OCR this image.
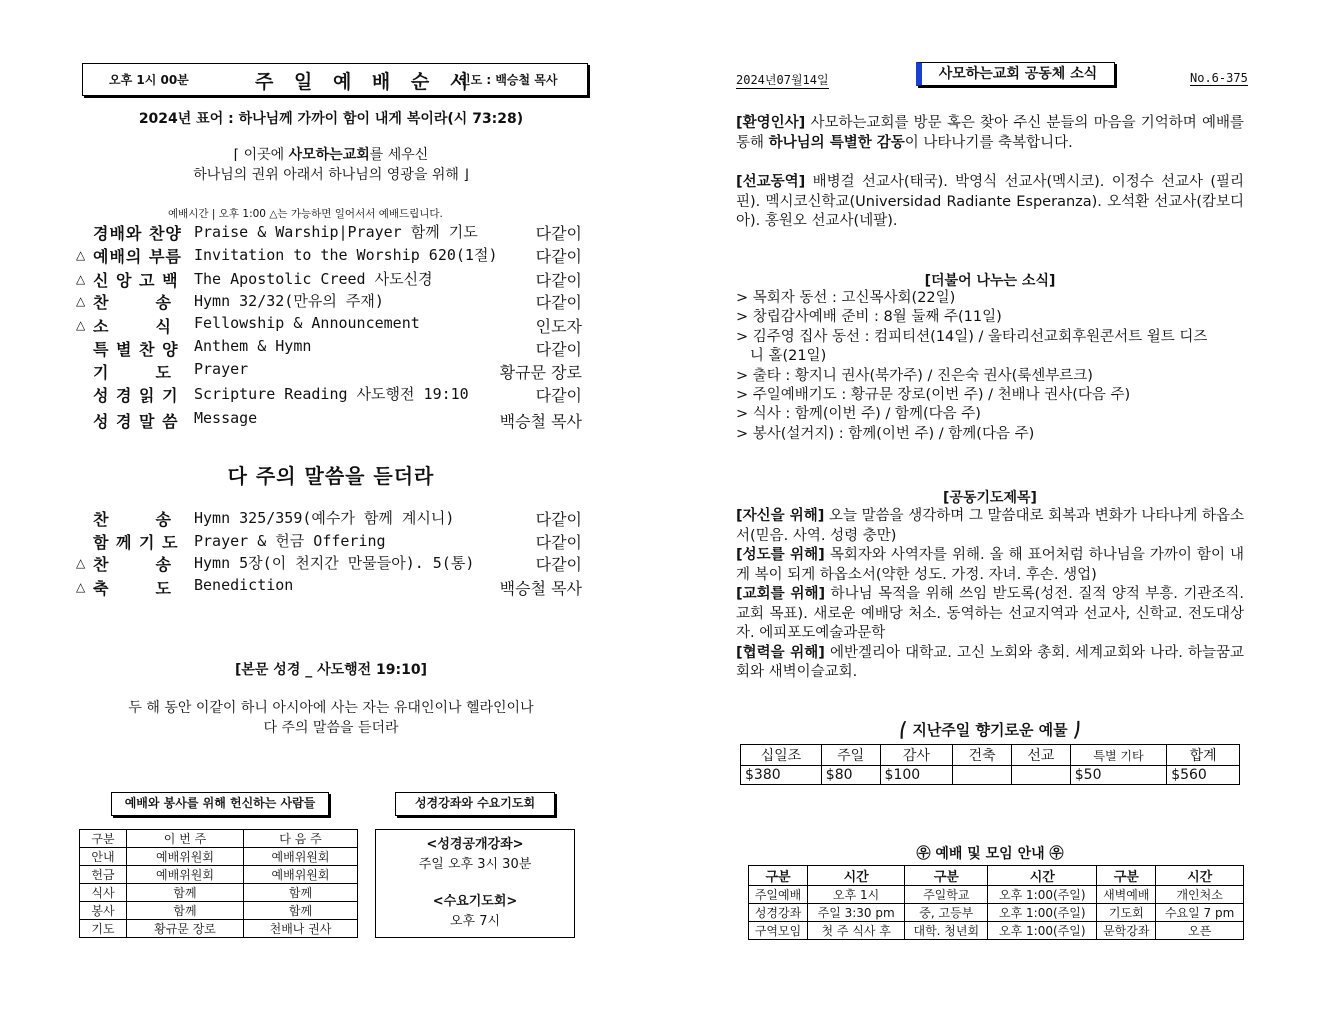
오후 1시 00분	주 일 예 배 순 서
인도 : 백승철 목사
2024년 표어 : 하나님께 가까이 함이 내게 복이라(시 73:28)
⌈ 이곳에 사모하는교회를 세우신
하나님의 권위 아래서 하나님의 영광을 위해 ⌋
예배시간 | 오후 1:00 △는 가능하면 일어서서 예배드립니다.
경배와 찬양 Praise & Warship|Prayer 함께 기도	다같이
△ 예배의 부름 Invitation to the Worship 620(1절) 다같이
△ 신 앙 고 백	The Apostolic Creed 사도신경	다같이
△ 찬       송	Hymn 32/32(만유의 주재)	다같이
△ 소       식	Fellowship & Announcement	인도자
특 별 찬 양	Anthem & Hymn	다같이
기       도	Prayer	황규문 장로
성 경 읽 기	Scripture Reading 사도행전 19:10	다같이
성 경 말 씀	Message	백승철 목사
다 주의 말씀을 듣더라
찬       송	Hymn 325/359(예수가 함께 계시니)	다같이
함 께 기 도	Prayer & 헌금 Offering	다같이
△ 찬       송	Hymn 5장(이 천지간 만물들아). 5(통)	다같이
△ 축       도	Benediction	백승철 목사
[본문 성경 _ 사도행전 19:10]
두 해 동안 이같이 하니 아시아에 사는 자는 유대인이나 헬라인이나
다 주의 말씀을 듣더라
예배와 봉사를 위해 헌신하는 사람들	성경강좌와 수요기도회
구분	이 번 주	다 음 주
안내	예배위원회	예배위원회
헌금	예배위원회	예배위원회
식사	함께	함께
봉사	함께	함께
기도	황규문 장로	천배나 권사
<성경공개강좌>
주일 오후 3시 30분
<수요기도회>
오후 7시
2024년07월14일	사모하는교회 공동체 소식	No.6-375
[환영인사] 사모하는교회를 방문 혹은 찾아 주신 분들의 마음을 기억하며 예배를 통해 하나님의 특별한 감동이 나타나기를 축복합니다.
[선교동역] 배병걸 선교사(태국). 박영식 선교사(멕시코). 이정수 선교사 (필리핀). 멕시코신학교(Universidad Radiante Esperanza). 오석환 선교사(캄보디아). 홍원오 선교사(네팔).
[더불어 나누는 소식]
> 목회자 동선 : 고신목사회(22일)
> 창립감사예배 준비 : 8월 둘째 주(11일)
> 김주영 집사 동선 : 컴피티션(14일) / 울타리선교회후원콘서트 윌트 디즈
니 홀(21일)
> 출타 : 황지니 권사(북가주) / 진은숙 권사(룩센부르크)
> 주일예배기도 : 황규문 장로(이번 주) / 천배나 권사(다음 주)
> 식사 : 함께(이번 주) / 함께(다음 주)
> 봉사(설거지) : 함께(이번 주) / 함께(다음 주)
[공동기도제목]
[자신을 위해] 오늘 말씀을 생각하며 그 말씀대로 회복과 변화가 나타나게 하옵소서(믿음. 사역. 성령 충만)
[성도를 위해] 목회자와 사역자를 위해. 올 해 표어처럼 하나님을 가까이 함이 내게 복이 되게 하옵소서(약한 성도. 가정. 자녀. 후손. 생업)
[교회를 위해] 하나님 목적을 위해 쓰임 받도록(성전. 질적 양적 부흥. 기관조직. 교회 목표). 새로운 예배당 처소. 동역하는 선교지역과 선교사, 신학교. 전도대상자. 에피포도예술과문학
[협력을 위해] 에반겔리아 대학교. 고신 노회와 총회. 세계교회와 나라. 하늘꿈교회와 새벽이슬교회.
⎛ 지난주일 향기로운 예물 ⎠
십일조	주일	감사	건축	선교	특별 기타	합계
$380	$80	$100			$50	$560
㉾ 예배 및 모임 안내 ㉾
구분	시간	구분	시간	구분	시간
주일예배	오후 1시	주일학교	오후 1:00(주일)	새벽예배	개인처소
성경강좌	주일 3:30 pm	중, 고등부	오후 1:00(주일)	기도회	수요일 7 pm
구역모임	첫 주 식사 후	대학. 청년회	오후 1:00(주일)	문학강좌	오픈
